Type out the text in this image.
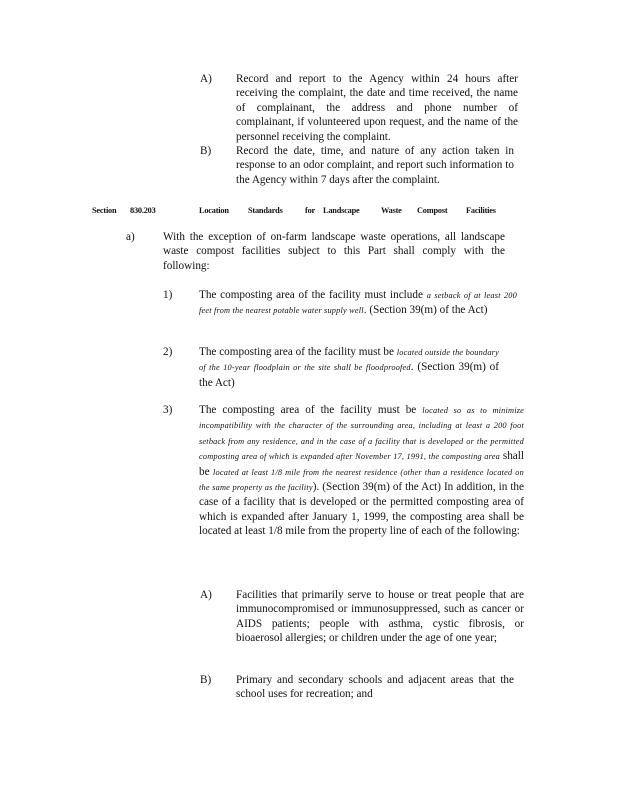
A) Record and report to the Agency within 24 hours after receiving the complaint, the date and time received, the name of complainant, the address and phone number of complainant, if volunteered upon request, and the name of the personnel receiving the complaint.

B) Record the date, time, and nature of any action taken in response to an odor complaint, and report such information to the Agency within 7 days after the complaint.

Section 830.203	Location Standards	for Landscape	Waste Compost Facilities
a)	With the exception of on-farm landscape waste operations, all landscape waste compost facilities subject to this Part shall comply with the following:

1) The composting area of the facility must include a setback of at least 200 feet from the nearest potable water supply well. (Section 39(m) of the Act)

2) The composting area of the facility must be located outside the boundary of the 10-year floodplain or the site shall be floodproofed. (Section 39(m) of the Act)

3) The composting area of the facility must be located so as to minimize incompatibility with the character of the surrounding area, including at least a 200 foot setback from any residence, and in the case of a facility that is developed or the permitted composting area of which is expanded after November 17, 1991, the composting area shall be located at least 1/8 mile from the nearest residence (other than a residence located on the same property as the facility). (Section 39(m) of the Act) In addition, in the case of a facility that is developed or the permitted composting area of which is expanded after January 1, 1999, the composting area shall be located at least 1/8 mile from the property line of each of the following:

A) Facilities that primarily serve to house or treat people that are immunocompromised or immunosuppressed, such as cancer or AIDS patients; people with asthma, cystic fibrosis, or bioaerosol allergies; or children under the age of one year;

B) Primary and secondary schools and adjacent areas that the school uses for recreation; and
